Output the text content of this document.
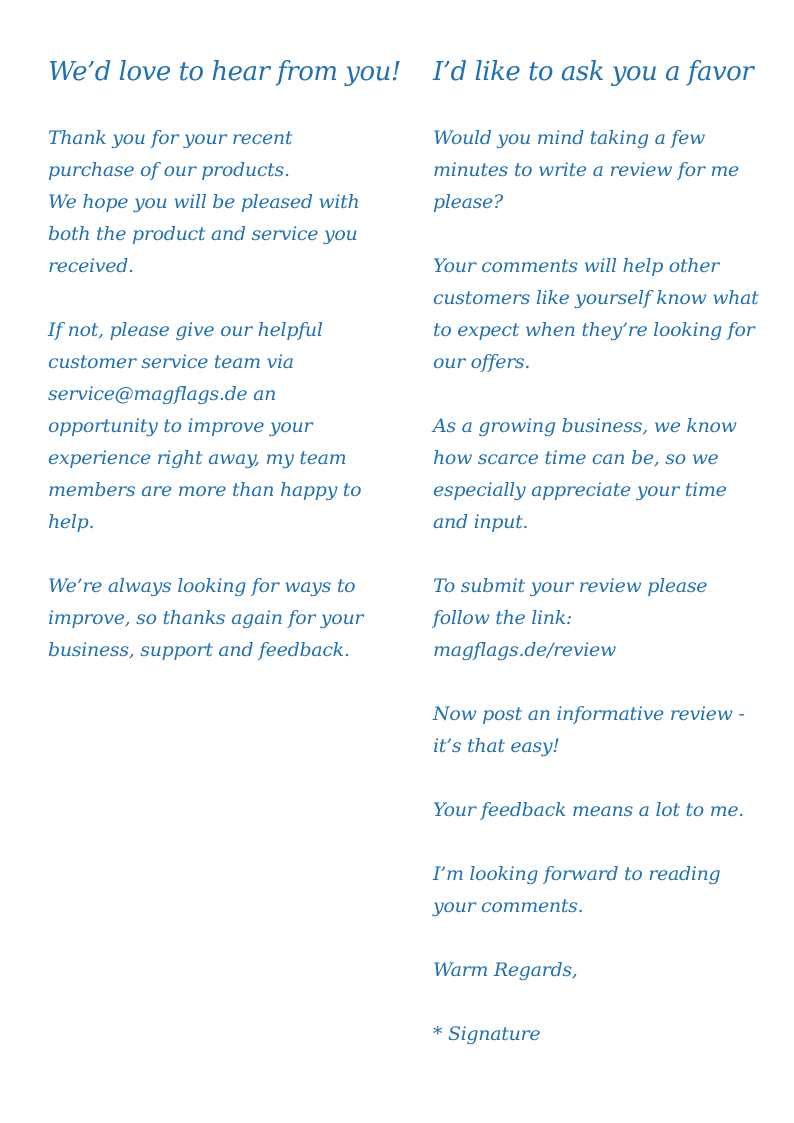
We’d love to hear from you!

Thank you for your recent
purchase of our products.
We hope you will be pleased with
both the product and service you
received.

If not, please give our helpful
customer service team via
service@magflags.de an
opportunity to improve your
experience right away, my team
members are more than happy to
help.

We’re always looking for ways to
improve, so thanks again for your
business, support and feedback.

I’d like to ask you a favor

Would you mind taking a few
minutes to write a review for me
please?

Your comments will help other
customers like yourself know what
to expect when they’re looking for
our offers.

As a growing business, we know
how scarce time can be, so we
especially appreciate your time
and input.

To submit your review please
follow the link:
magflags.de/review

Now post an informative review -
it’s that easy!

Your feedback means a lot to me.

I’m looking forward to reading
your comments.

Warm Regards,

* Signature
